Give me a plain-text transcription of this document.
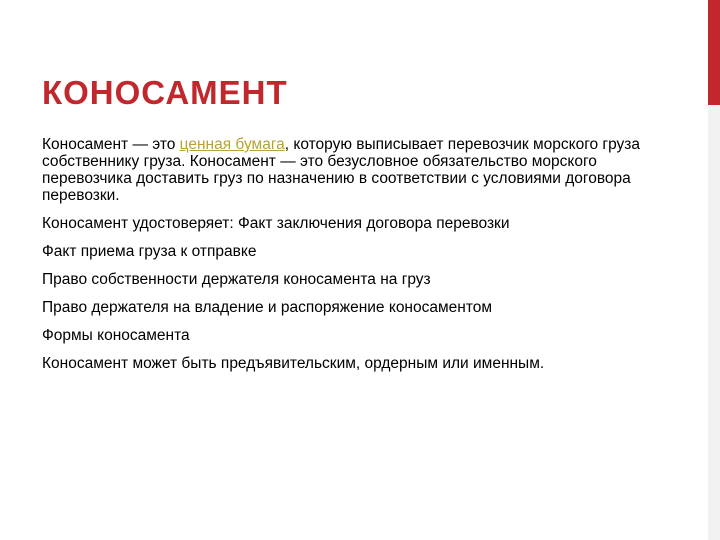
КОНОСАМЕНТ

Коносамент — это ценная бумага, которую выписывает перевозчик морского груза собственнику груза. Коносамент — это безусловное обязательство морского перевозчика доставить груз по назначению в соответствии с условиями договора перевозки.

Коносамент удостоверяет: Факт заключения договора перевозки

Факт приема груза к отправке

Право собственности держателя коносамента на груз

Право держателя на владение и распоряжение коносаментом

Формы коносамента

Коносамент может быть предъявительским, ордерным или именным.
